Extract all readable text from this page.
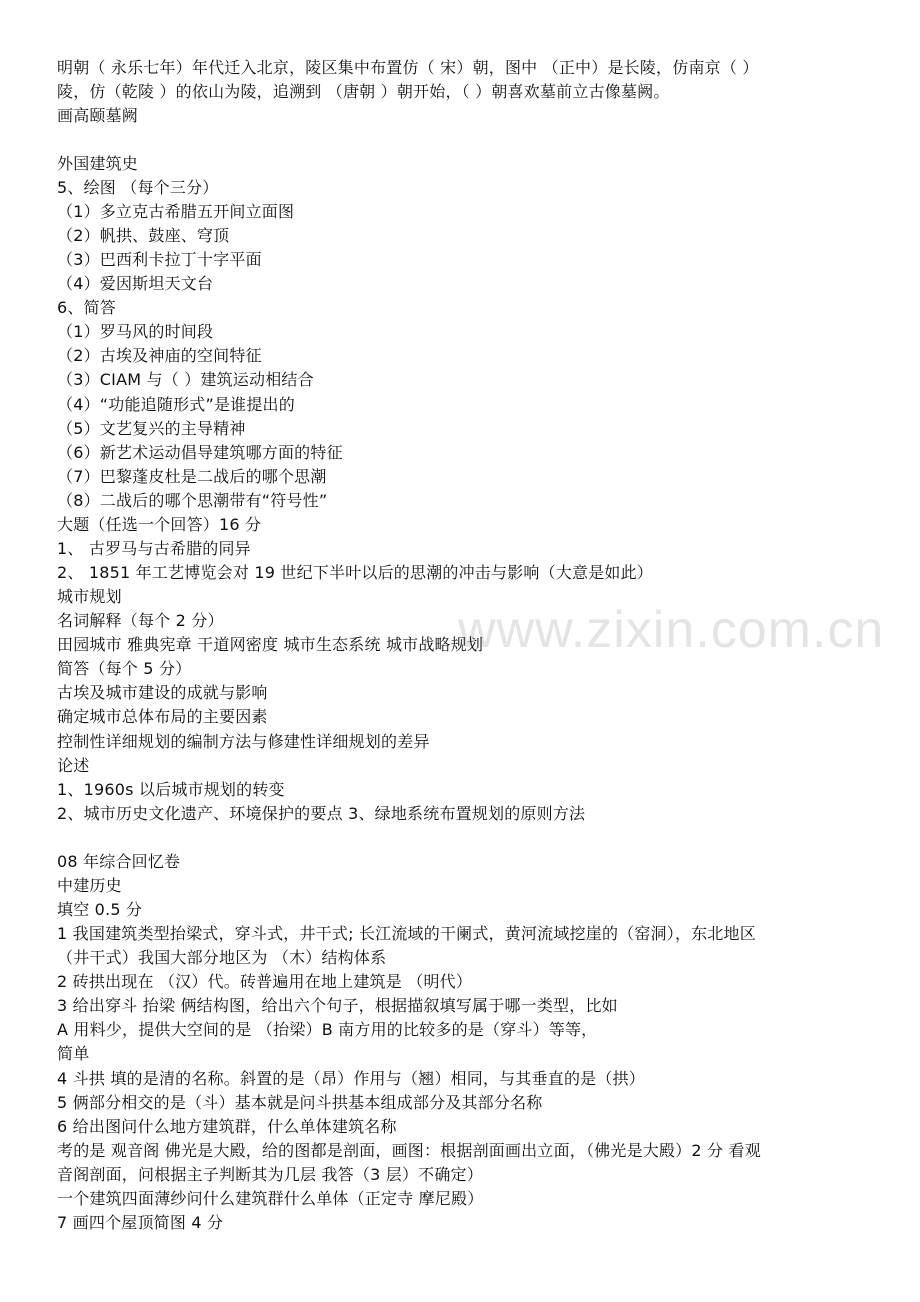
www.zixin.com.cn
明朝（ 永乐七年）年代迁入北京，陵区集中布置仿（ 宋）朝，图中 （正中）是长陵，仿南京（ ）
陵，仿（乾陵 ）的依山为陵，追溯到 （唐朝 ）朝开始，（ ）朝喜欢墓前立古像墓阙。
画高颐墓阙
外国建筑史
5、绘图 （每个三分）
（1）多立克古希腊五开间立面图
（2）帆拱、鼓座、穹顶
（3）巴西利卡拉丁十字平面
（4）爱因斯坦天文台
6、简答
（1）罗马风的时间段
（2）古埃及神庙的空间特征
（3）CIAM 与（ ）建筑运动相结合
（4）“功能追随形式”是谁提出的
（5）文艺复兴的主导精神
（6）新艺术运动倡导建筑哪方面的特征
（7）巴黎蓬皮杜是二战后的哪个思潮
（8）二战后的哪个思潮带有“符号性”
大题（任选一个回答）16 分
1、 古罗马与古希腊的同异
2、 1851 年工艺博览会对 19 世纪下半叶以后的思潮的冲击与影响（大意是如此）
城市规划
名词解释（每个 2 分）
田园城市 雅典宪章 干道网密度 城市生态系统 城市战略规划
简答（每个 5 分）
古埃及城市建设的成就与影响
确定城市总体布局的主要因素
控制性详细规划的编制方法与修建性详细规划的差异
论述
1、1960s 以后城市规划的转变
2、城市历史文化遗产、环境保护的要点 3、绿地系统布置规划的原则方法
08 年综合回忆卷
中建历史
填空 0.5 分
1 我国建筑类型抬梁式，穿斗式，井干式; 长江流域的干阑式，黄河流域挖崖的（窑洞），东北地区
（井干式）我国大部分地区为 （木）结构体系
2 砖拱出现在 （汉）代。砖普遍用在地上建筑是 （明代）
3 给出穿斗 抬梁 俩结构图，给出六个句子，根据描叙填写属于哪一类型，比如
A 用料少，提供大空间的是 （抬梁）B 南方用的比较多的是（穿斗）等等，
简单
4 斗拱 填的是清的名称。斜置的是（昂）作用与（翘）相同，与其垂直的是（拱）
5 俩部分相交的是（斗）基本就是问斗拱基本组成部分及其部分名称
6 给出图问什么地方建筑群，什么单体建筑名称
考的是 观音阁 佛光是大殿，给的图都是剖面，画图：根据剖面画出立面，（佛光是大殿）2 分 看观
音阁剖面，问根据主子判断其为几层 我答（3 层）不确定）
一个建筑四面薄纱问什么建筑群什么单体（正定寺 摩尼殿）
7 画四个屋顶简图 4 分
